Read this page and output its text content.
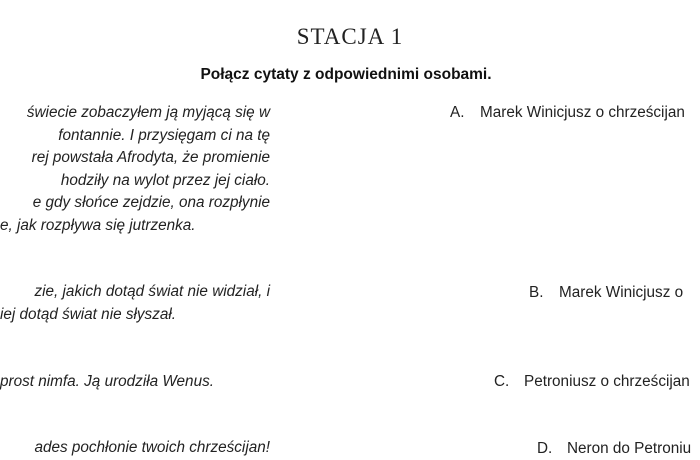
STACJA 1
Połącz cytaty z odpowiednimi osobami.
świecie zobaczyłem ją myjącą się w
fontannie. I przysięgam ci na tę
rej powstała Afrodyta, że promienie
hodziły na wylot przez jej ciało.
e gdy słońce zejdzie, ona rozpłynie
e, jak rozpływa się jutrzenka.
zie, jakich dotąd świat nie widział, i
iej dotąd świat nie słyszał.
prost nimfa. Ją urodziła Wenus.
ades pochłonie twoich chrześcijan!
A. Marek Winicjusz o chrześcijan
B. Marek Winicjusz o
C. Petroniusz o chrześcijan
D. Neron do Petroniu
